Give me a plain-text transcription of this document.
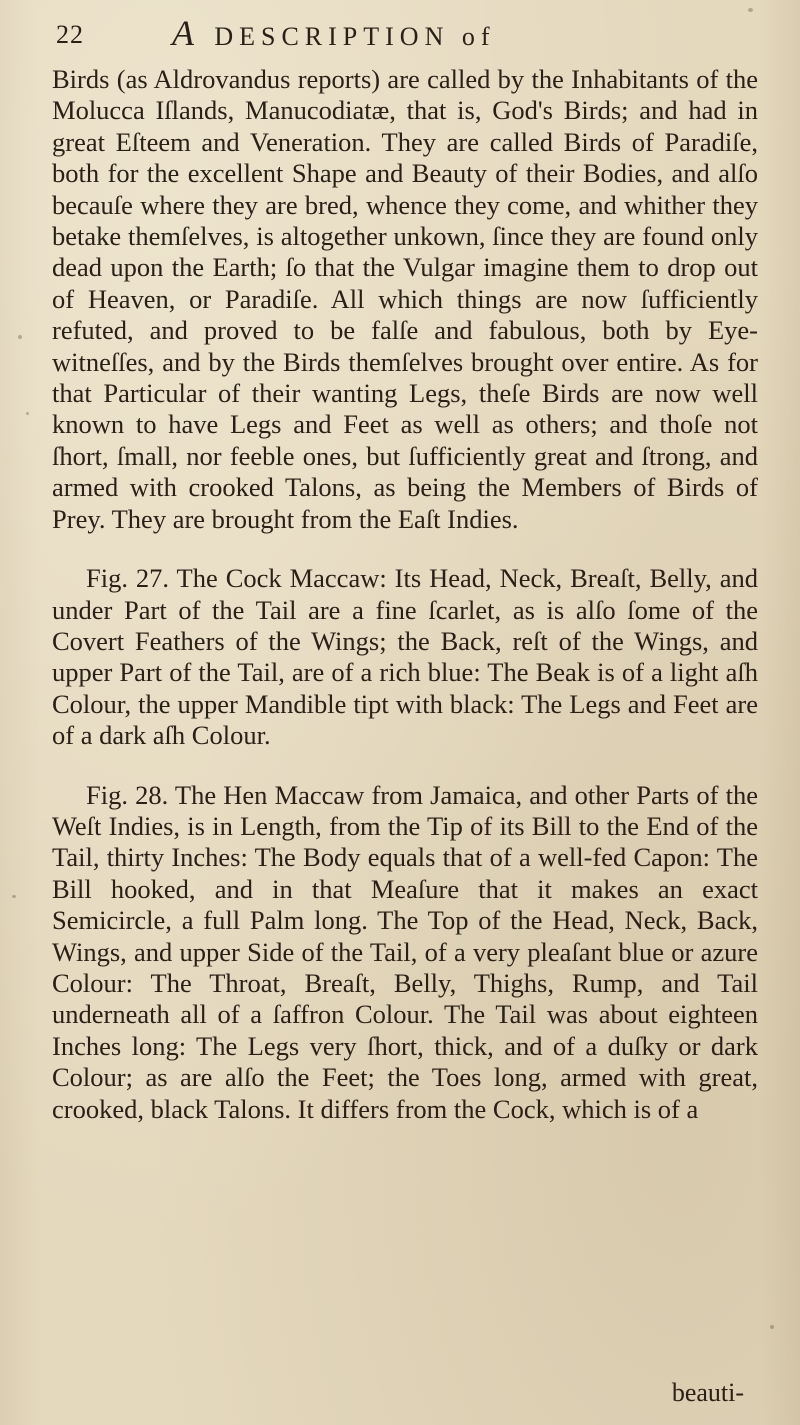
22 A DESCRIPTION of

Birds (as Aldrovandus reports) are called by the Inhabitants of the Molucca Iſlands, Manucodiatæ, that is, God's Birds; and had in great Eſteem and Veneration. They are called Birds of Paradiſe, both for the excellent Shape and Beauty of their Bodies, and alſo becauſe where they are bred, whence they come, and whither they betake themſelves, is altogether unkown, ſince they are found only dead upon the Earth; ſo that the Vulgar imagine them to drop out of Heaven, or Paradiſe. All which things are now ſufficiently refuted, and proved to be falſe and fabulous, both by Eye-witneſſes, and by the Birds themſelves brought over entire. As for that Particular of their wanting Legs, theſe Birds are now well known to have Legs and Feet as well as others; and thoſe not ſhort, ſmall, nor feeble ones, but ſufficiently great and ſtrong, and armed with crooked Talons, as being the Members of Birds of Prey. They are brought from the Eaſt Indies.

Fig. 27. The Cock Maccaw: Its Head, Neck, Breaſt, Belly, and under Part of the Tail are a fine ſcarlet, as is alſo ſome of the Covert Feathers of the Wings; the Back, reſt of the Wings, and upper Part of the Tail, are of a rich blue: The Beak is of a light aſh Colour, the upper Mandible tipt with black: The Legs and Feet are of a dark aſh Colour.

Fig. 28. The Hen Maccaw from Jamaica, and other Parts of the Weſt Indies, is in Length, from the Tip of its Bill to the End of the Tail, thirty Inches: The Body equals that of a well-fed Capon: The Bill hooked, and in that Meaſure that it makes an exact Semicircle, a full Palm long. The Top of the Head, Neck, Back, Wings, and upper Side of the Tail, of a very pleaſant blue or azure Colour: The Throat, Breaſt, Belly, Thighs, Rump, and Tail underneath all of a ſaffron Colour. The Tail was about eighteen Inches long: The Legs very ſhort, thick, and of a duſky or dark Colour; as are alſo the Feet; the Toes long, armed with great, crooked, black Talons. It differs from the Cock, which is of a

beauti-
